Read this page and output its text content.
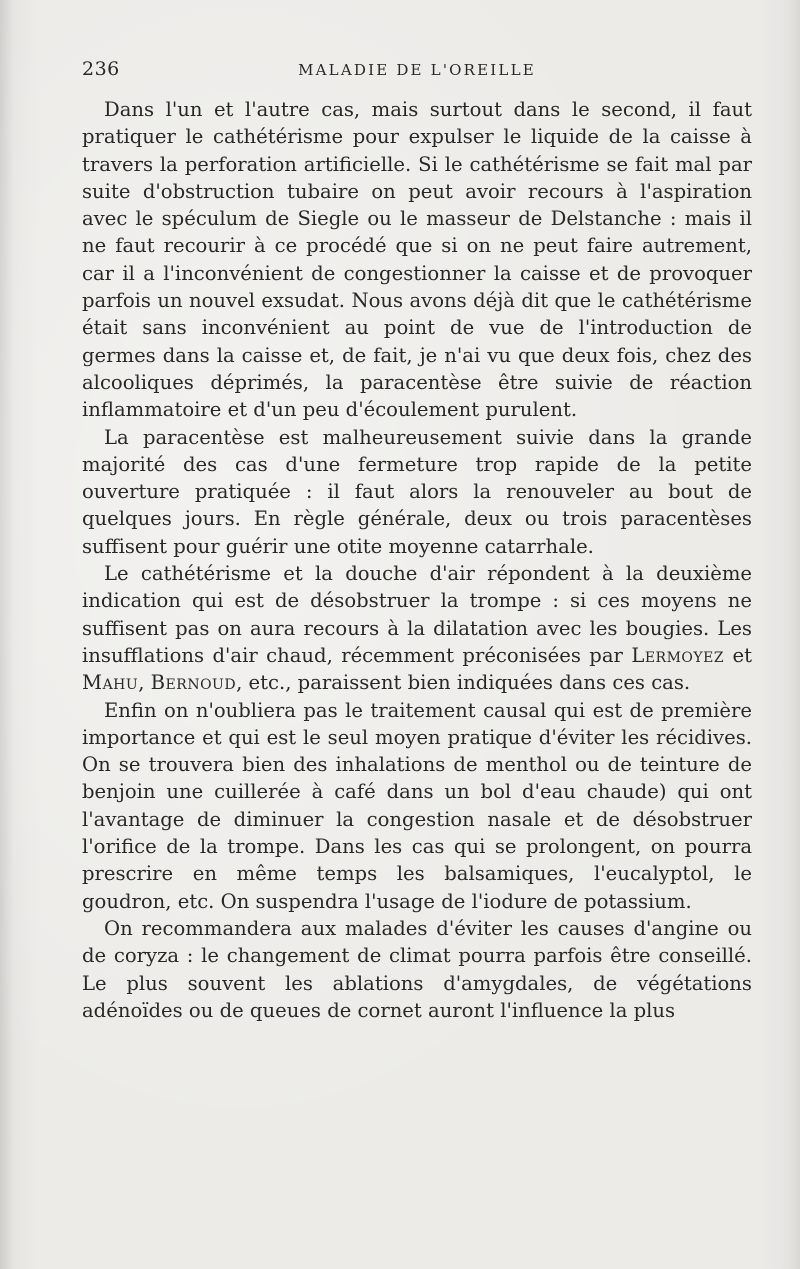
236	MALADIE DE L'OREILLE

Dans l'un et l'autre cas, mais surtout dans le second, il faut pratiquer le cathétérisme pour expulser le liquide de la caisse à travers la perforation artificielle. Si le cathétérisme se fait mal par suite d'obstruction tubaire on peut avoir recours à l'aspiration avec le spéculum de Siegle ou le masseur de Delstanche : mais il ne faut recourir à ce procédé que si on ne peut faire autrement, car il a l'inconvénient de congestionner la caisse et de provoquer parfois un nouvel exsudat. Nous avons déjà dit que le cathétérisme était sans inconvénient au point de vue de l'introduction de germes dans la caisse et, de fait, je n'ai vu que deux fois, chez des alcooliques déprimés, la paracentèse être suivie de réaction inflammatoire et d'un peu d'écoulement purulent.

La paracentèse est malheureusement suivie dans la grande majorité des cas d'une fermeture trop rapide de la petite ouverture pratiquée : il faut alors la renouveler au bout de quelques jours. En règle générale, deux ou trois paracentèses suffisent pour guérir une otite moyenne catarrhale.

Le cathétérisme et la douche d'air répondent à la deuxième indication qui est de désobstruer la trompe : si ces moyens ne suffisent pas on aura recours à la dilatation avec les bougies. Les insufflations d'air chaud, récemment préconisées par Lermoyez et Mahu, Bernoud, etc., paraissent bien indiquées dans ces cas.

Enfin on n'oubliera pas le traitement causal qui est de première importance et qui est le seul moyen pratique d'éviter les récidives. On se trouvera bien des inhalations de menthol ou de teinture de benjoin une cuillerée à café dans un bol d'eau chaude) qui ont l'avantage de diminuer la congestion nasale et de désobstruer l'orifice de la trompe. Dans les cas qui se prolongent, on pourra prescrire en même temps les balsamiques, l'eucalyptol, le goudron, etc. On suspendra l'usage de l'iodure de potassium.

On recommandera aux malades d'éviter les causes d'angine ou de coryza : le changement de climat pourra parfois être conseillé. Le plus souvent les ablations d'amygdales, de végétations adénoïdes ou de queues de cornet auront l'influence la plus
